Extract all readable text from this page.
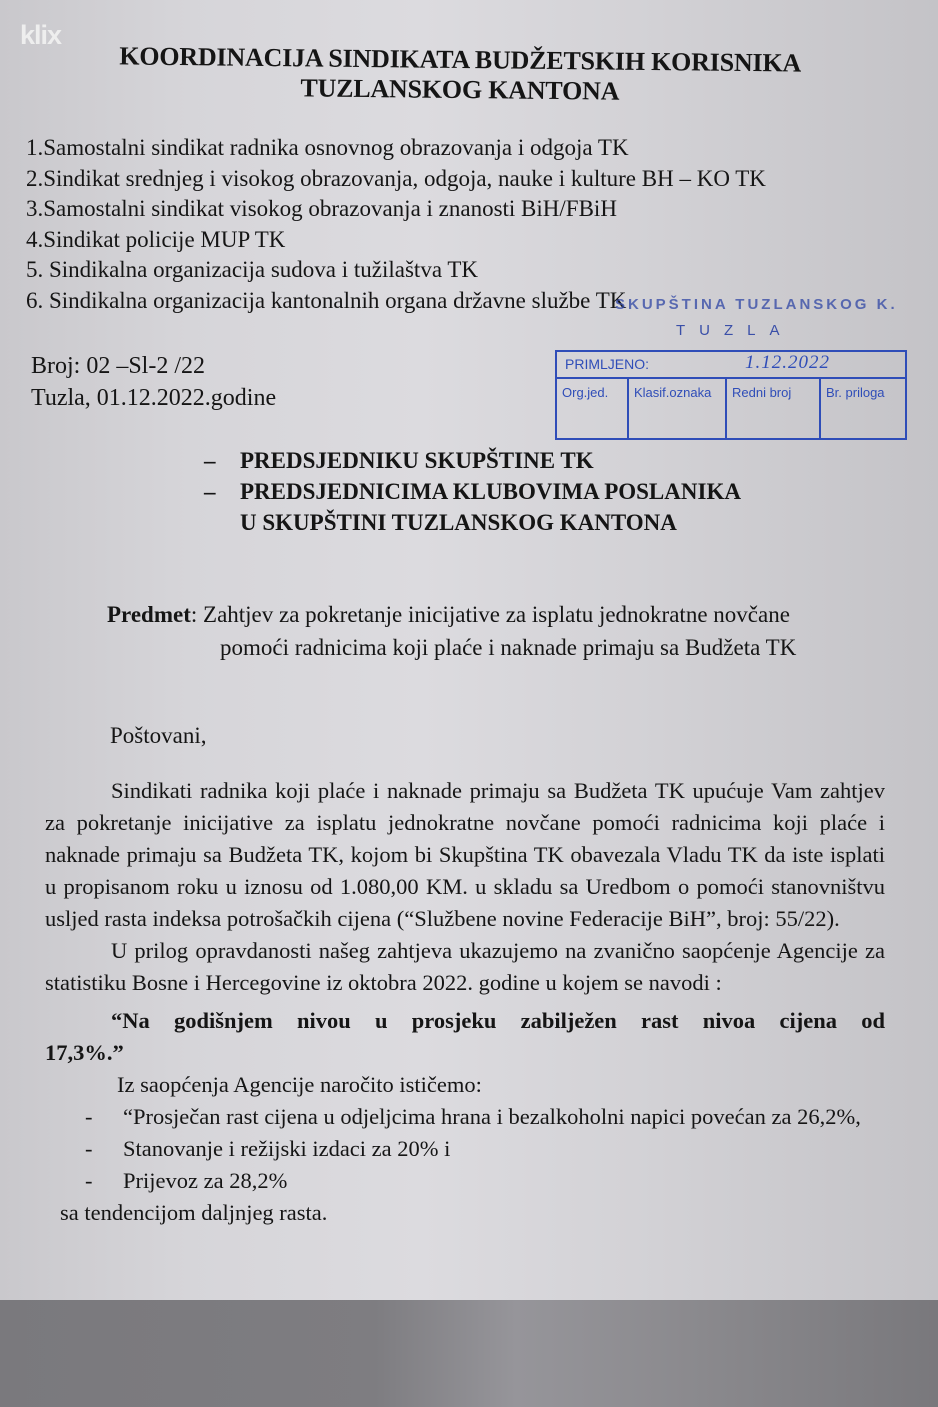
klix
KOORDINACIJA SINDIKATA BUDŽETSKIH KORISNIKA
TUZLANSKOG KANTONA
1.Samostalni sindikat radnika osnovnog obrazovanja i odgoja TK
2.Sindikat srednjeg i visokog obrazovanja, odgoja, nauke i kulture BH – KO TK
3.Samostalni sindikat visokog obrazovanja i znanosti BiH/FBiH
4.Sindikat policije MUP TK
5. Sindikalna organizacija sudova i tužilaštva TK
6. Sindikalna organizacija kantonalnih organa državne službe TK
SKUPŠTINA TUZLANSKOG K.
TUZLA
PRIMLJENO:	1.12.2022
Org.jed.	Klasif.oznaka	Redni broj	Br. priloga
Broj: 02 –Sl-2 /22
Tuzla, 01.12.2022.godine
–	PREDSJEDNIKU SKUPŠTINE TK
–	PREDSJEDNICIMA KLUBOVIMA POSLANIKA
U SKUPŠTINI TUZLANSKOG KANTONA
Predmet: Zahtjev za pokretanje inicijative za isplatu jednokratne novčane
pomoći radnicima koji plaće i naknade primaju sa Budžeta TK
Poštovani,

Sindikati radnika koji plaće i naknade primaju sa Budžeta TK upućuje Vam zahtjev za pokretanje inicijative za isplatu jednokratne novčane pomoći radnicima koji plaće i naknade primaju sa Budžeta TK, kojom bi Skupština TK obavezala Vladu TK da iste isplati u propisanom roku u iznosu od 1.080,00 KM. u skladu sa Uredbom o pomoći stanovništvu usljed rasta indeksa potrošačkih cijena (“Službene novine Federacije BiH”, broj: 55/22).

U prilog opravdanosti našeg zahtjeva ukazujemo na zvanično saopćenje Agencije za statistiku Bosne i Hercegovine iz oktobra 2022. godine u kojem se navodi :

“Na godišnjem nivou u prosjeku zabilježen rast nivoa cijena od 17,3%.”

Iz saopćenja Agencije naročito ističemo:

-	“Prosječan rast cijena u odjeljcima hrana i bezalkoholni napici povećan za 26,2%,
-	Stanovanje i režijski izdaci za 20% i
-	Prijevoz za 28,2%

sa tendencijom daljnjeg rasta.
